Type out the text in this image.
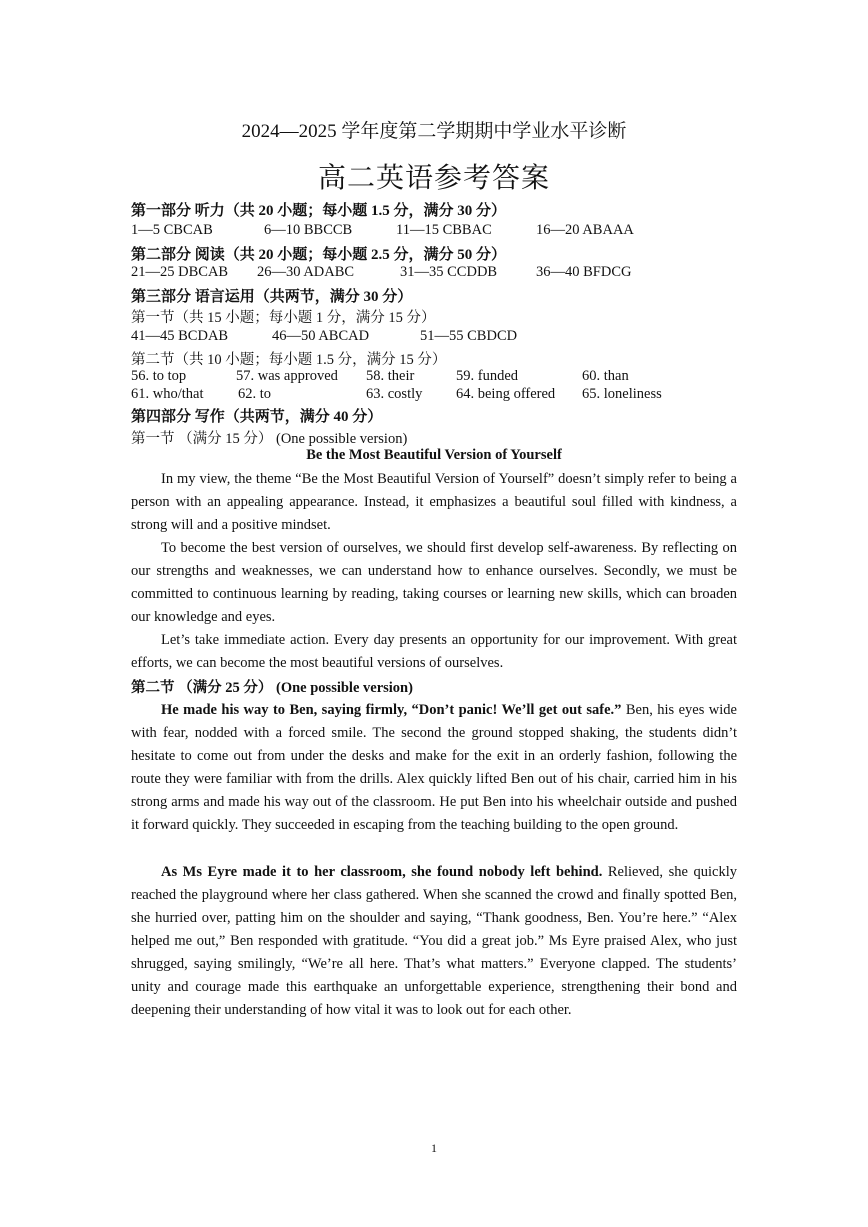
2024—2025 学年度第二学期期中学业水平诊断
高二英语参考答案
第一部分 听力（共 20 小题；每小题 1.5 分，满分 30 分）
1—5 CBCAB	6—10 BBCCB	11—15 CBBAC	16—20 ABAAA
第二部分 阅读（共 20 小题；每小题 2.5 分，满分 50 分）
21—25 DBCAB 26—30 ADABC	31—35 CCDDB	36—40 BFDCG
第三部分 语言运用（共两节，满分 30 分）
第一节（共 15 小题；每小题 1 分，满分 15 分）
41—45 BCDAB	46—50 ABCAD	51—55 CBDCD
第二节（共 10 小题；每小题 1.5 分，满分 15 分）
56. to top	57. was approved 58. their	59. funded	60. than
61. who/that 62. to	63. costly 64. being offered 65. loneliness
第四部分 写作（共两节，满分 40 分）
第一节 （满分 15 分） (One possible version)
Be the Most Beautiful Version of Yourself

In my view, the theme “Be the Most Beautiful Version of Yourself” doesn’t simply refer to being a person with an appealing appearance. Instead, it emphasizes a beautiful soul filled with kindness, a strong will and a positive mindset.

To become the best version of ourselves, we should first develop self-awareness. By reflecting on our strengths and weaknesses, we can understand how to enhance ourselves. Secondly, we must be committed to continuous learning by reading, taking courses or learning new skills, which can broaden our knowledge and eyes.

Let’s take immediate action. Every day presents an opportunity for our improvement. With great efforts, we can become the most beautiful versions of ourselves.

第二节 （满分 25 分） (One possible version)

He made his way to Ben, saying firmly, “Don’t panic! We’ll get out safe.” Ben, his eyes wide with fear, nodded with a forced smile. The second the ground stopped shaking, the students didn’t hesitate to come out from under the desks and make for the exit in an orderly fashion, following the route they were familiar with from the drills. Alex quickly lifted Ben out of his chair, carried him in his strong arms and made his way out of the classroom. He put Ben into his wheelchair outside and pushed it forward quickly. They succeeded in escaping from the teaching building to the open ground.

As Ms Eyre made it to her classroom, she found nobody left behind. Relieved, she quickly reached the playground where her class gathered. When she scanned the crowd and finally spotted Ben, she hurried over, patting him on the shoulder and saying, “Thank goodness, Ben. You’re here.” “Alex helped me out,” Ben responded with gratitude. “You did a great job.” Ms Eyre praised Alex, who just shrugged, saying smilingly, “We’re all here. That’s what matters.” Everyone clapped. The students’ unity and courage made this earthquake an unforgettable experience, strengthening their bond and deepening their understanding of how vital it was to look out for each other.

1
